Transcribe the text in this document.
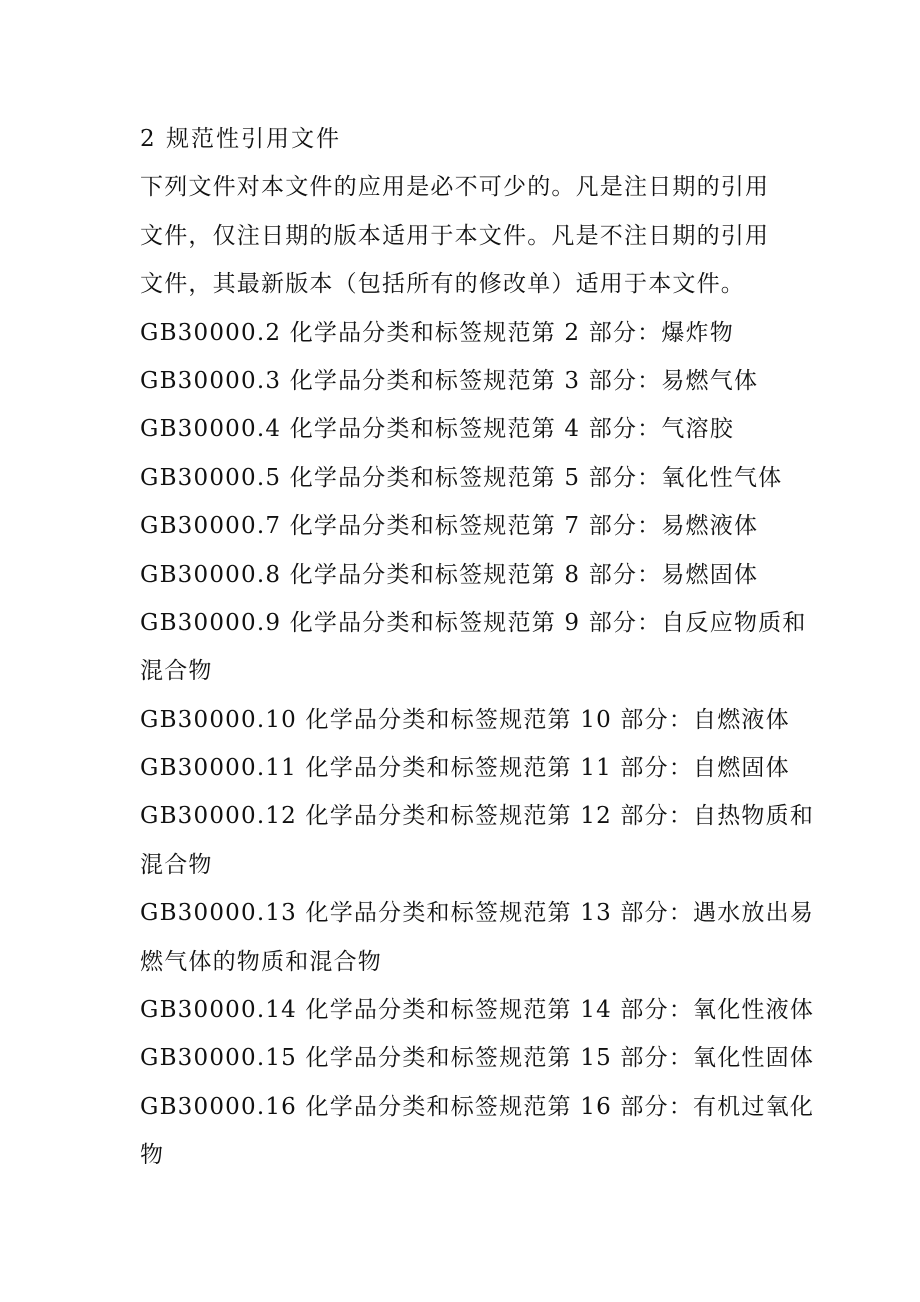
2 规范性引用文件
下列文件对本文件的应用是必不可少的。凡是注日期的引用
文件，仅注日期的版本适用于本文件。凡是不注日期的引用
文件，其最新版本（包括所有的修改单）适用于本文件。
GB30000.2 化学品分类和标签规范第 2 部分：爆炸物
GB30000.3 化学品分类和标签规范第 3 部分：易燃气体
GB30000.4 化学品分类和标签规范第 4 部分：气溶胶
GB30000.5 化学品分类和标签规范第 5 部分：氧化性气体
GB30000.7 化学品分类和标签规范第 7 部分：易燃液体
GB30000.8 化学品分类和标签规范第 8 部分：易燃固体
GB30000.9 化学品分类和标签规范第 9 部分：自反应物质和
混合物
GB30000.10 化学品分类和标签规范第 10 部分：自燃液体
GB30000.11 化学品分类和标签规范第 11 部分：自燃固体
GB30000.12 化学品分类和标签规范第 12 部分：自热物质和
混合物
GB30000.13 化学品分类和标签规范第 13 部分：遇水放出易
燃气体的物质和混合物
GB30000.14 化学品分类和标签规范第 14 部分：氧化性液体
GB30000.15 化学品分类和标签规范第 15 部分：氧化性固体
GB30000.16 化学品分类和标签规范第 16 部分：有机过氧化
物
